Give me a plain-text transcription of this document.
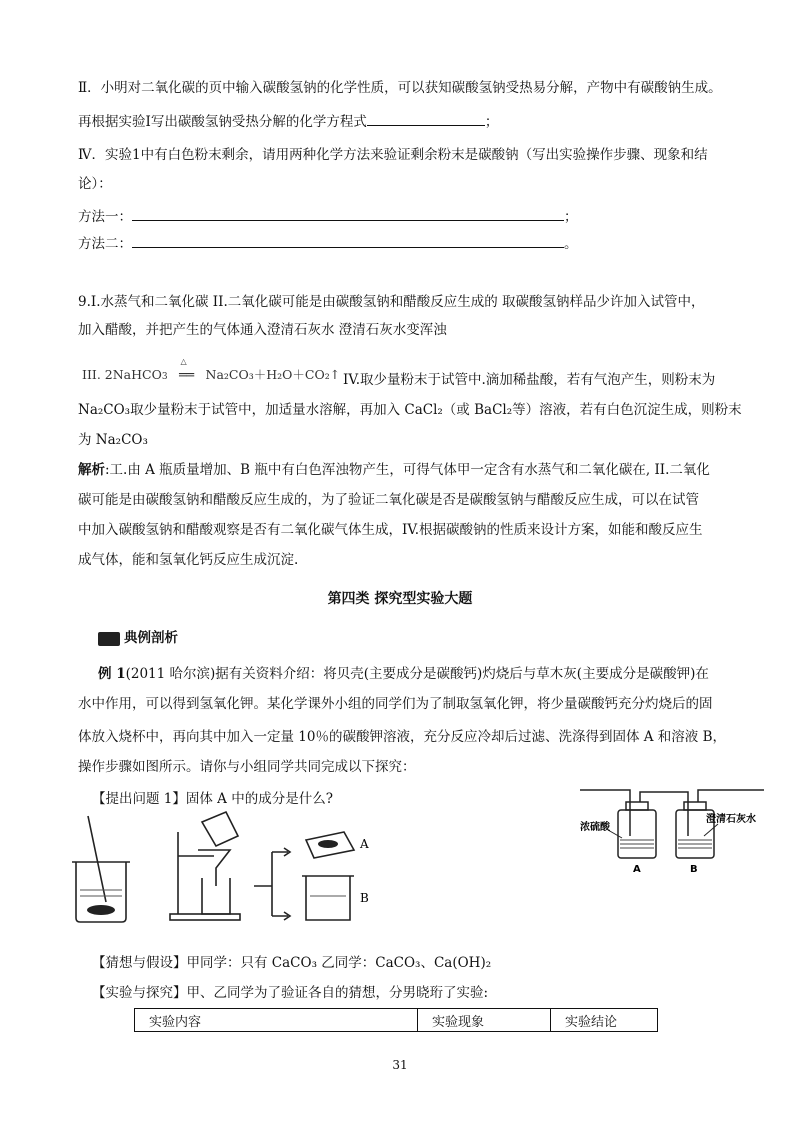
Ⅱ．小明对二氧化碳的页中输入碳酸氢钠的化学性质，可以获知碳酸氢钠受热易分解，产物中有碳酸钠生成。
再根据实验Ⅰ写出碳酸氢钠受热分解的化学方程式	；
Ⅳ．实验1中有白色粉末剩余，请用两种化学方法来验证剩余粉末是碳酸钠（写出实验操作步骤、现象和结
论）：
方法一：	；
方法二：	。
9.I.水蒸气和二氧化碳 II.二氧化碳可能是由碳酸氢钠和醋酸反应生成的 取碳酸氢钠样品少许加入试管中，
加入醋酸，并把产生的气体通入澄清石灰水 澄清石灰水变浑浊
III. 2NaHCO3
△
══ Na₂CO₃＋H₂O＋CO₂↑ IV.取少量粉末于试管中.滴加稀盐酸，若有气泡产生，则粉末为
Na₂CO₃取少量粉末于试管中，加适量水溶解，再加入 CaCl₂（或 BaCl₂等）溶液，若有白色沉淀生成，则粉末
为 Na₂CO₃
解析:工.由 A 瓶质量增加、B 瓶中有白色浑浊物产生，可得气体甲一定含有水蒸气和二氧化碳在, II.二氧化
碳可能是由碳酸氢钠和醋酸反应生成的，为了验证二氧化碳是否是碳酸氢钠与醋酸反应生成，可以在试管
中加入碳酸氢钠和醋酸观察是否有二氧化碳气体生成，IV.根据碳酸钠的性质来设计方案，如能和酸反应生
成气体，能和氢氧化钙反应生成沉淀.
第四类 探究型实验大题
典例剖析
例 1(2011 哈尔滨)据有关资料介绍：将贝壳(主要成分是碳酸钙)灼烧后与草木灰(主要成分是碳酸钾)在
水中作用，可以得到氢氧化钾。某化学课外小组的同学们为了制取氢氧化钾，将少量碳酸钙充分灼烧后的固
体放入烧杯中，再向其中加入一定量 10％的碳酸钾溶液，充分反应冷却后过滤、洗涤得到固体 A 和溶液 B，
操作步骤如图所示。请你与小组同学共同完成以下探究：
【提出问题 1】固体 A 中的成分是什么?
浓硫酸
澄清石灰水
A	B
A
B
【猜想与假设】甲同学：只有 CaCO₃ 乙同学：CaCO₃、Ca(OH)₂
【实验与探究】甲、乙同学为了验证各自的猜想，分男晓珩了实验:
实验内容	实验现象	实验结论
31
